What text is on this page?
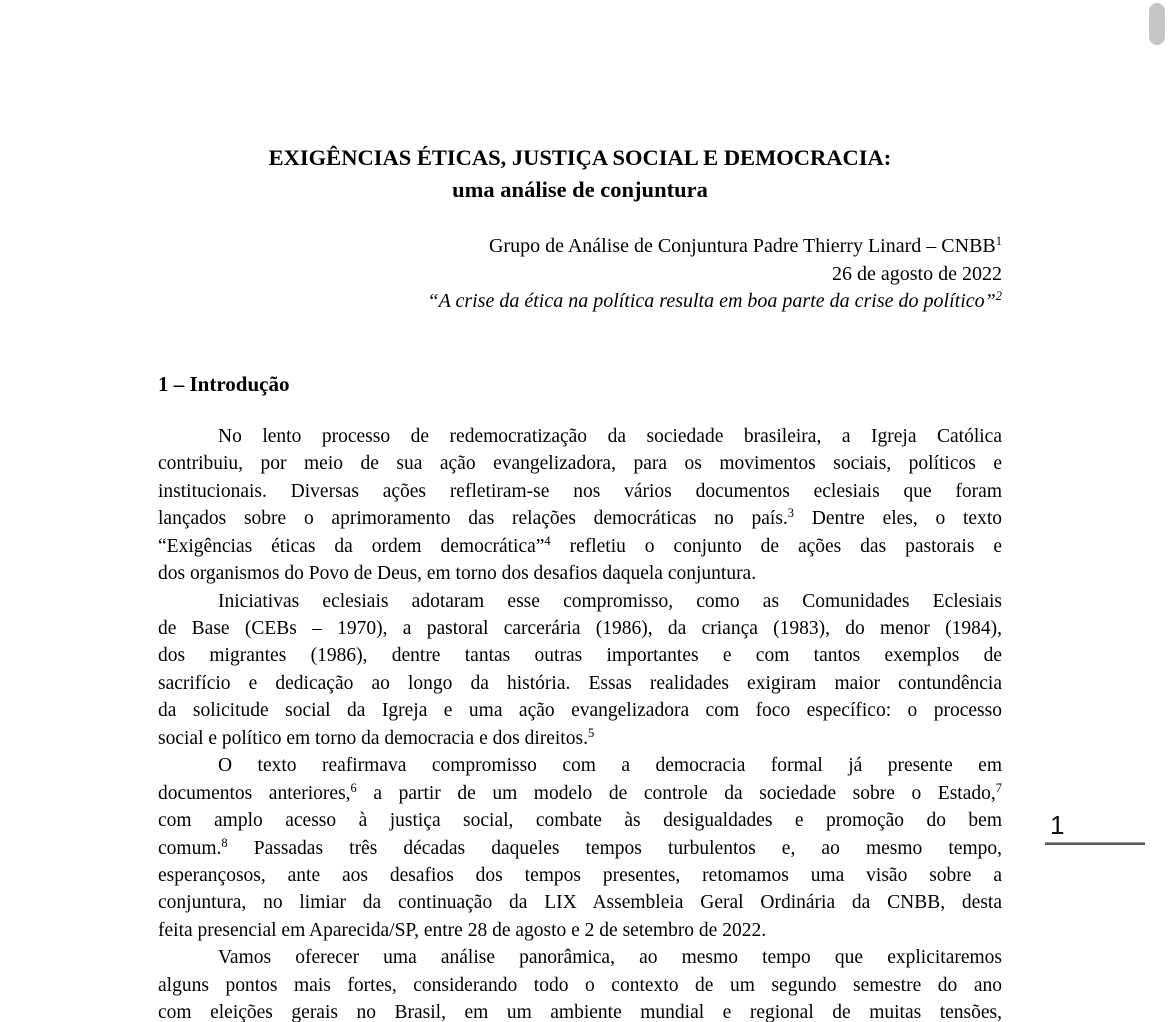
EXIGÊNCIAS ÉTICAS, JUSTIÇA SOCIAL E DEMOCRACIA:
uma análise de conjuntura
Grupo de Análise de Conjuntura Padre Thierry Linard – CNBB$^1$
26 de agosto de 2022
“A crise da ética na política resulta em boa parte da crise do político”$^2$
1 – Introdução
No lento processo de redemocratização da sociedade brasileira, a Igreja Católica
contribuiu, por meio de sua ação evangelizadora, para os movimentos sociais, políticos e
institucionais. Diversas ações refletiram-se nos vários documentos eclesiais que foram
lançados sobre o aprimoramento das relações democráticas no país.$^3$ Dentre eles, o texto
“Exigências éticas da ordem democrática”$^4$ refletiu o conjunto de ações das pastorais e
dos organismos do Povo de Deus, em torno dos desafios daquela conjuntura.
Iniciativas eclesiais adotaram esse compromisso, como as Comunidades Eclesiais
de Base (CEBs – 1970), a pastoral carcerária (1986), da criança (1983), do menor (1984),
dos migrantes (1986), dentre tantas outras importantes e com tantos exemplos de
sacrifício e dedicação ao longo da história. Essas realidades exigiram maior contundência
da solicitude social da Igreja e uma ação evangelizadora com foco específico: o processo
social e político em torno da democracia e dos direitos.$^5$
O texto reafirmava compromisso com a democracia formal já presente em
documentos anteriores,$^6$ a partir de um modelo de controle da sociedade sobre o Estado,$^7$
com amplo acesso à justiça social, combate às desigualdades e promoção do bem
comum.$^8$ Passadas três décadas daqueles tempos turbulentos e, ao mesmo tempo,
esperançosos, ante aos desafios dos tempos presentes, retomamos uma visão sobre a
conjuntura, no limiar da continuação da LIX Assembleia Geral Ordinária da CNBB, desta
feita presencial em Aparecida/SP, entre 28 de agosto e 2 de setembro de 2022.
Vamos oferecer uma análise panorâmica, ao mesmo tempo que explicitaremos
alguns pontos mais fortes, considerando todo o contexto de um segundo semestre do ano
com eleições gerais no Brasil, em um ambiente mundial e regional de muitas tensões,
1
